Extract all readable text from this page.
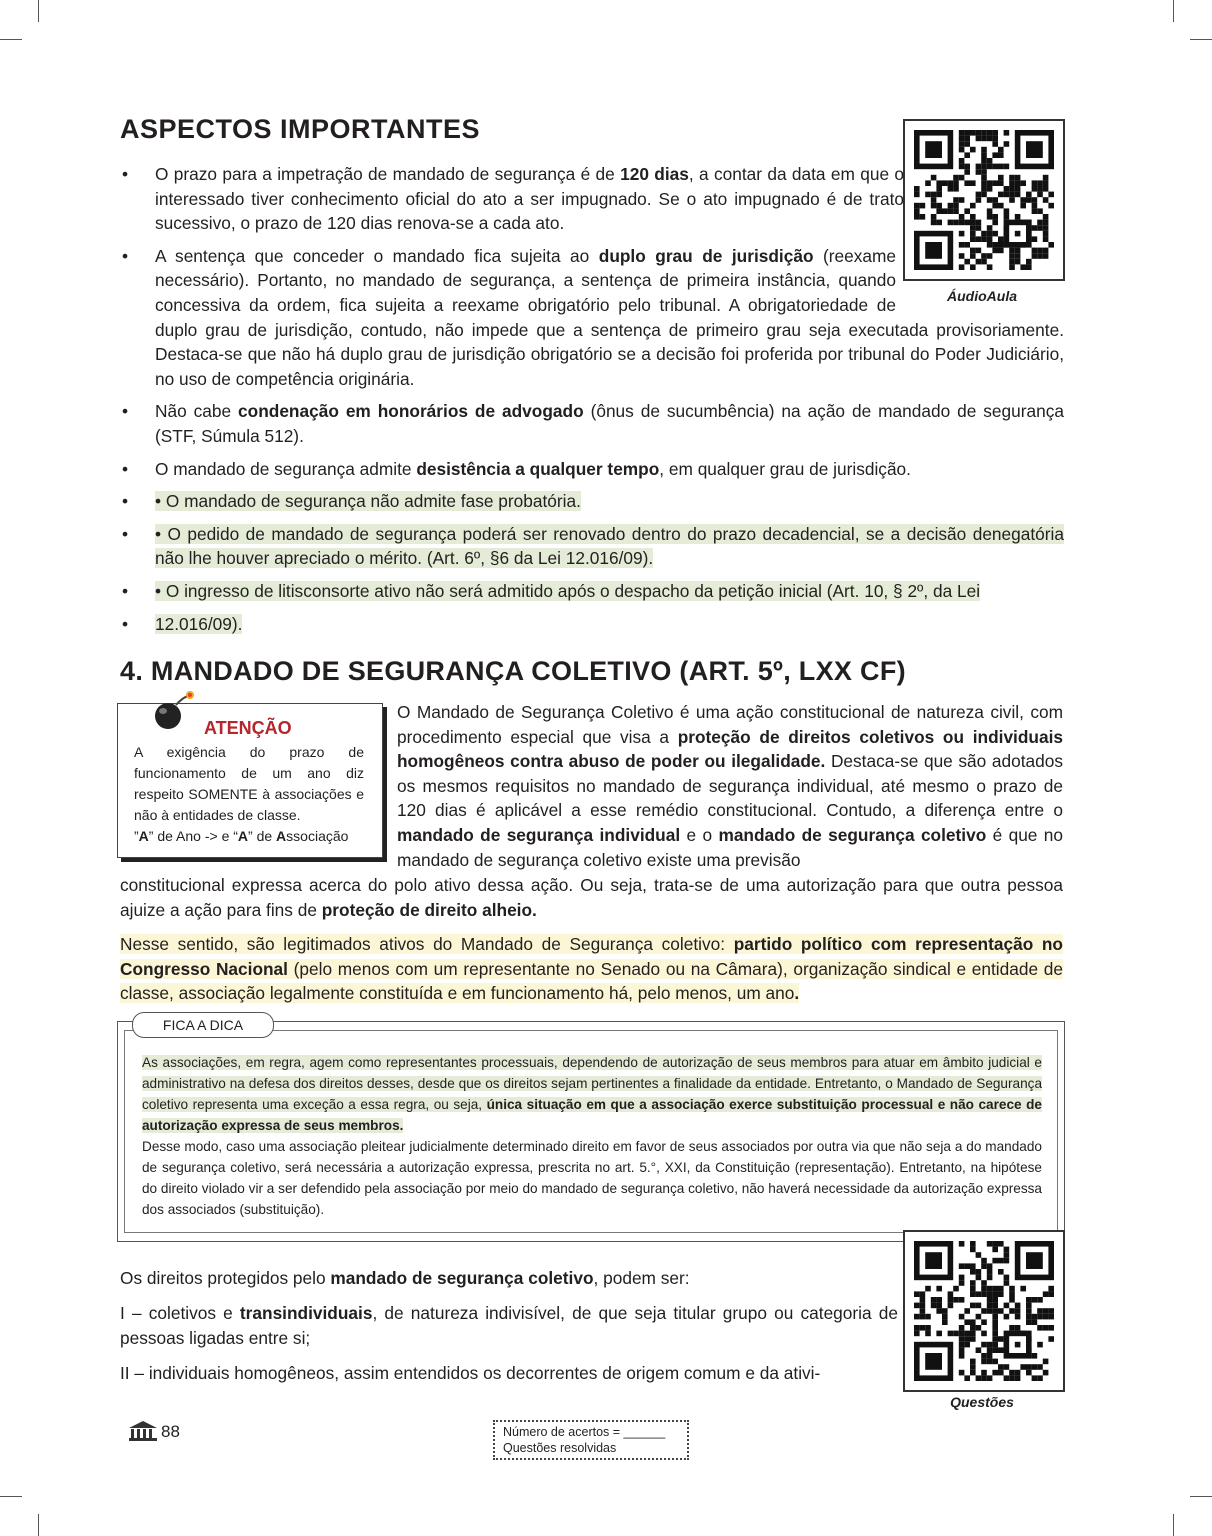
ASPECTOS IMPORTANTES
ÁudioAula
• O prazo para a impetração de mandado de segurança é de 120 dias, a contar da data em que o interessado tiver conhecimento oficial do ato a ser impugnado. Se o ato impugnado é de trato sucessivo, o prazo de 120 dias renova-se a cada ato.
• A sentença que conceder o mandado fica sujeita ao duplo grau de jurisdição (reexame necessário). Portanto, no mandado de segurança, a sentença de primeira instância, quando concessiva da ordem, fica sujeita a reexame obrigatório pelo tribunal. A obrigatoriedade de duplo grau de jurisdição, contudo, não impede que a sentença de primeiro grau seja executada provisoriamente. Destaca-se que não há duplo grau de jurisdição obrigatório se a decisão foi proferida por tribunal do Poder Judiciário, no uso de competência originária.
• Não cabe condenação em honorários de advogado (ônus de sucumbência) na ação de mandado de segurança (STF, Súmula 512).
• O mandado de segurança admite desistência a qualquer tempo, em qualquer grau de jurisdição.
• • O mandado de segurança não admite fase probatória.
• • O pedido de mandado de segurança poderá ser renovado dentro do prazo decadencial, se a decisão denegatória não lhe houver apreciado o mérito. (Art. 6º, §6 da Lei 12.016/09).
• • O ingresso de litisconsorte ativo não será admitido após o despacho da petição inicial (Art. 10, § 2º, da Lei
• 12.016/09).
4. MANDADO DE SEGURANÇA COLETIVO (ART. 5º, LXX CF)
ATENÇÃO
A exigência do prazo de funcionamento de um ano diz respeito SOMENTE à associações e não à entidades de classe.
”A” de Ano -> e “A” de Associação

O Mandado de Segurança Coletivo é uma ação constitucional de natureza civil, com procedimento especial que visa a proteção de direitos coletivos ou individuais homogêneos contra abuso de poder ou ilegalidade. Destaca-se que são adotados os mesmos requisitos no mandado de segurança individual, até mesmo o prazo de 120 dias é aplicável a esse remédio constitucional. Contudo, a diferença entre o mandado de segurança individual e o mandado de segurança coletivo é que no mandado de segurança coletivo existe uma previsão

constitucional expressa acerca do polo ativo dessa ação. Ou seja, trata-se de uma autorização para que outra pessoa ajuize a ação para fins de proteção de direito alheio.

Nesse sentido, são legitimados ativos do Mandado de Segurança coletivo: partido político com representação no Congresso Nacional (pelo menos com um representante no Senado ou na Câmara), organização sindical e entidade de classe, associação legalmente constituída e em funcionamento há, pelo menos, um ano.

FICA A DICA
As associações, em regra, agem como representantes processuais, dependendo de autorização de seus membros para atuar em âmbito judicial e administrativo na defesa dos direitos desses, desde que os direitos sejam pertinentes a finalidade da entidade. Entretanto, o Mandado de Segurança coletivo representa uma exceção a essa regra, ou seja, única situação em que a associação exerce substituição processual e não carece de autorização expressa de seus membros.
Desse modo, caso uma associação pleitear judicialmente determinado direito em favor de seus associados por outra via que não seja a do mandado de segurança coletivo, será necessária a autorização expressa, prescrita no art. 5.°, XXI, da Constituição (representação). Entretanto, na hipótese do direito violado vir a ser defendido pela associação por meio do mandado de segurança coletivo, não haverá necessidade da autorização expressa dos associados (substituição).
Questões

Os direitos protegidos pelo mandado de segurança coletivo, podem ser:

I – coletivos e transindividuais, de natureza indivisível, de que seja titular grupo ou categoria de pessoas ligadas entre si;

II – individuais homogêneos, assim entendidos os decorrentes de origem comum e da ativi-

88	Número de acertos = ______
Questões resolvidas
